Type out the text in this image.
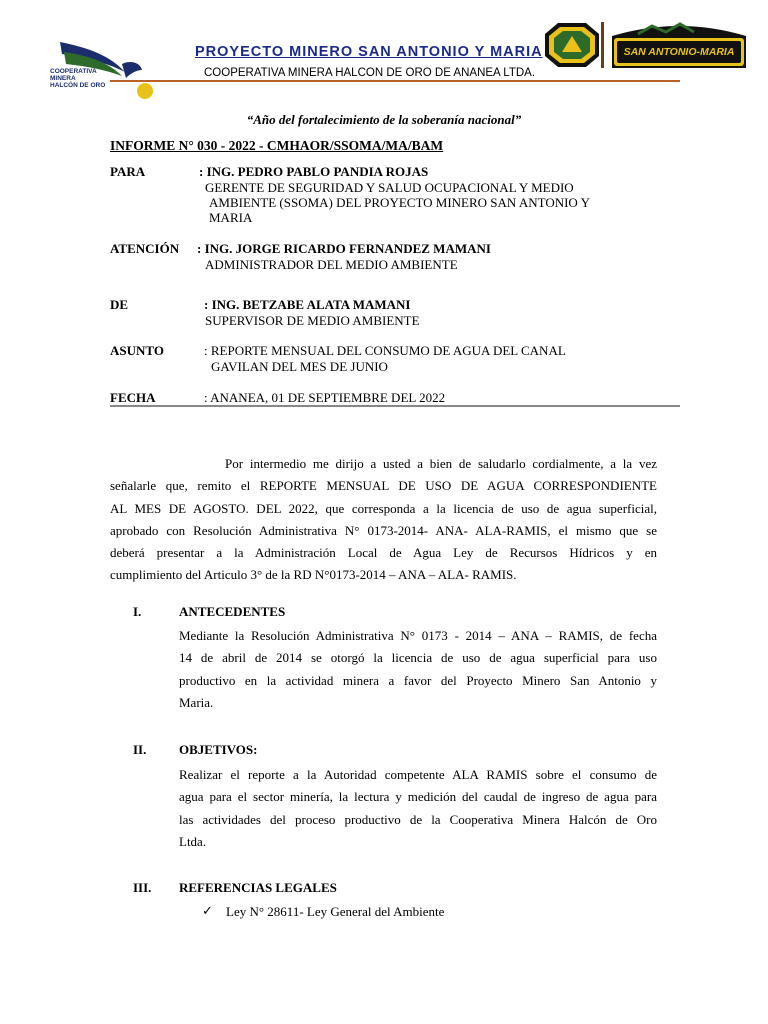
COOPERATIVA
MINERA
HALCÓN DE ORO
PROYECTO MINERO SAN ANTONIO Y MARIA
COOPERATIVA MINERA HALCON DE ORO DE ANANEA LTDA.
SAN ANTONIO-MARIA
“Año del fortalecimiento de la soberanía nacional”
INFORME N° 030 - 2022 - CMHAOR/SSOMA/MA/BAM
PARA	: ING. PEDRO PABLO PANDIA ROJAS
GERENTE DE SEGURIDAD Y SALUD OCUPACIONAL Y MEDIO
AMBIENTE (SSOMA) DEL PROYECTO MINERO SAN ANTONIO Y
MARIA
ATENCIÓN : ING. JORGE RICARDO FERNANDEZ MAMANI
ADMINISTRADOR DEL MEDIO AMBIENTE
DE	: ING. BETZABE ALATA MAMANI
SUPERVISOR DE MEDIO AMBIENTE
ASUNTO	: REPORTE MENSUAL DEL CONSUMO DE AGUA DEL CANAL
GAVILAN DEL MES DE JUNIO
FECHA	: ANANEA, 01 DE SEPTIEMBRE DEL 2022
Por intermedio me dirijo a usted a bien de saludarlo cordialmente, a la vez
señalarle que, remito el REPORTE MENSUAL DE USO DE AGUA CORRESPONDIENTE
AL MES DE AGOSTO. DEL 2022, que corresponda a la licencia de uso de agua superficial,
aprobado con Resolución Administrativa N° 0173-2014- ANA- ALA-RAMIS, el mismo que se
deberá presentar a la Administración Local de Agua Ley de Recursos Hídricos y en
cumplimiento del Articulo 3° de la RD N°0173-2014 – ANA – ALA- RAMIS.
I.	ANTECEDENTES
Mediante la Resolución Administrativa N° 0173 - 2014 – ANA – RAMIS, de fecha
14 de abril de 2014 se otorgó la licencia de uso de agua superficial para uso
productivo en la actividad minera a favor del Proyecto Minero San Antonio y
Maria.
II.	OBJETIVOS:
Realizar el reporte a la Autoridad competente ALA RAMIS sobre el consumo de
agua para el sector minería, la lectura y medición del caudal de ingreso de agua para
las actividades del proceso productivo de la Cooperativa Minera Halcón de Oro
Ltda.
III. REFERENCIAS LEGALES
✓ Ley N° 28611- Ley General del Ambiente
